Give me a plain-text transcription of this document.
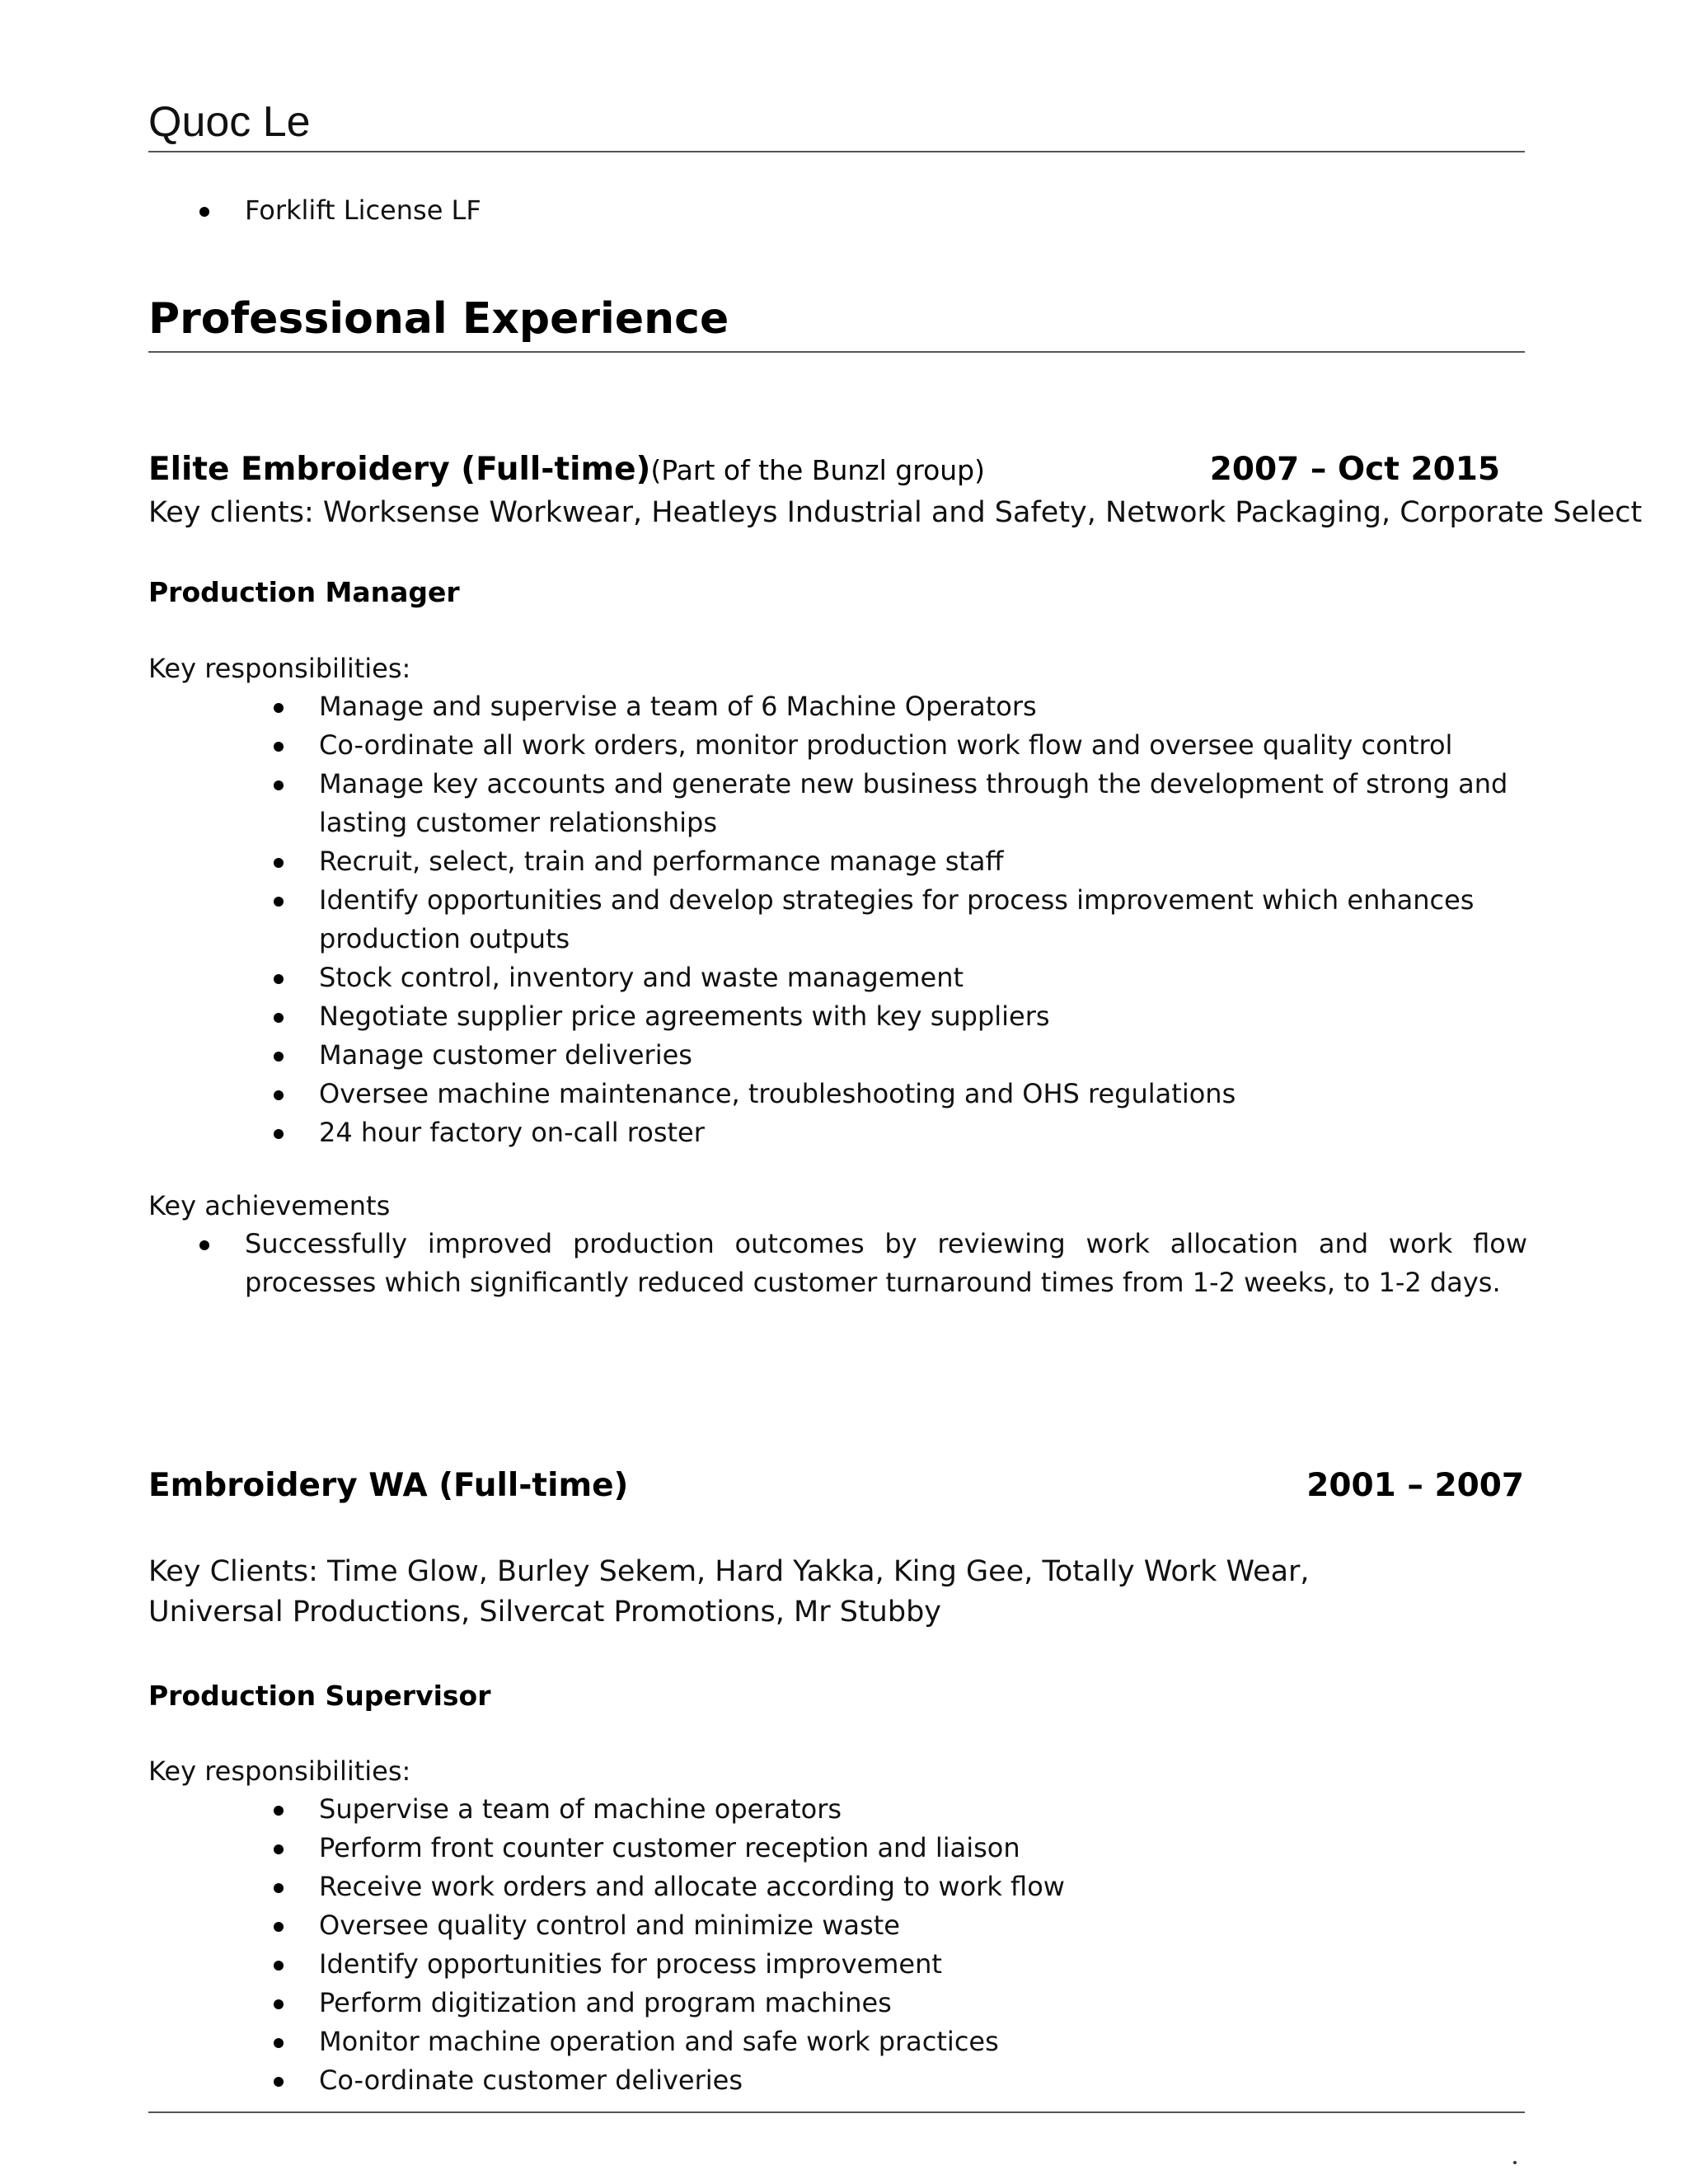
Quoc Le
Forklift License LF
Professional Experience
Elite Embroidery (Full-time)(Part of the Bunzl group)	2007 – Oct 2015
Key clients: Worksense Workwear, Heatleys Industrial and Safety, Network Packaging, Corporate Select
Production Manager
Key responsibilities:
Manage and supervise a team of 6 Machine Operators
Co-ordinate all work orders, monitor production work flow and oversee quality control
Manage key accounts and generate new business through the development of strong and lasting customer relationships
Recruit, select, train and performance manage staff
Identify opportunities and develop strategies for process improvement which enhances production outputs
Stock control, inventory and waste management
Negotiate supplier price agreements with key suppliers
Manage customer deliveries
Oversee machine maintenance, troubleshooting and OHS regulations
24 hour factory on-call roster
Key achievements
Successfully improved production outcomes by reviewing work allocation and work flow processes which significantly reduced customer turnaround times from 1-2 weeks, to 1-2 days.
Embroidery WA (Full-time)	2001 – 2007
Key Clients: Time Glow, Burley Sekem, Hard Yakka, King Gee, Totally Work Wear, Universal Productions, Silvercat Promotions, Mr Stubby
Production Supervisor
Key responsibilities:
Supervise a team of machine operators
Perform front counter customer reception and liaison
Receive work orders and allocate according to work flow
Oversee quality control and minimize waste
Identify opportunities for process improvement
Perform digitization and program machines
Monitor machine operation and safe work practices
Co-ordinate customer deliveries
